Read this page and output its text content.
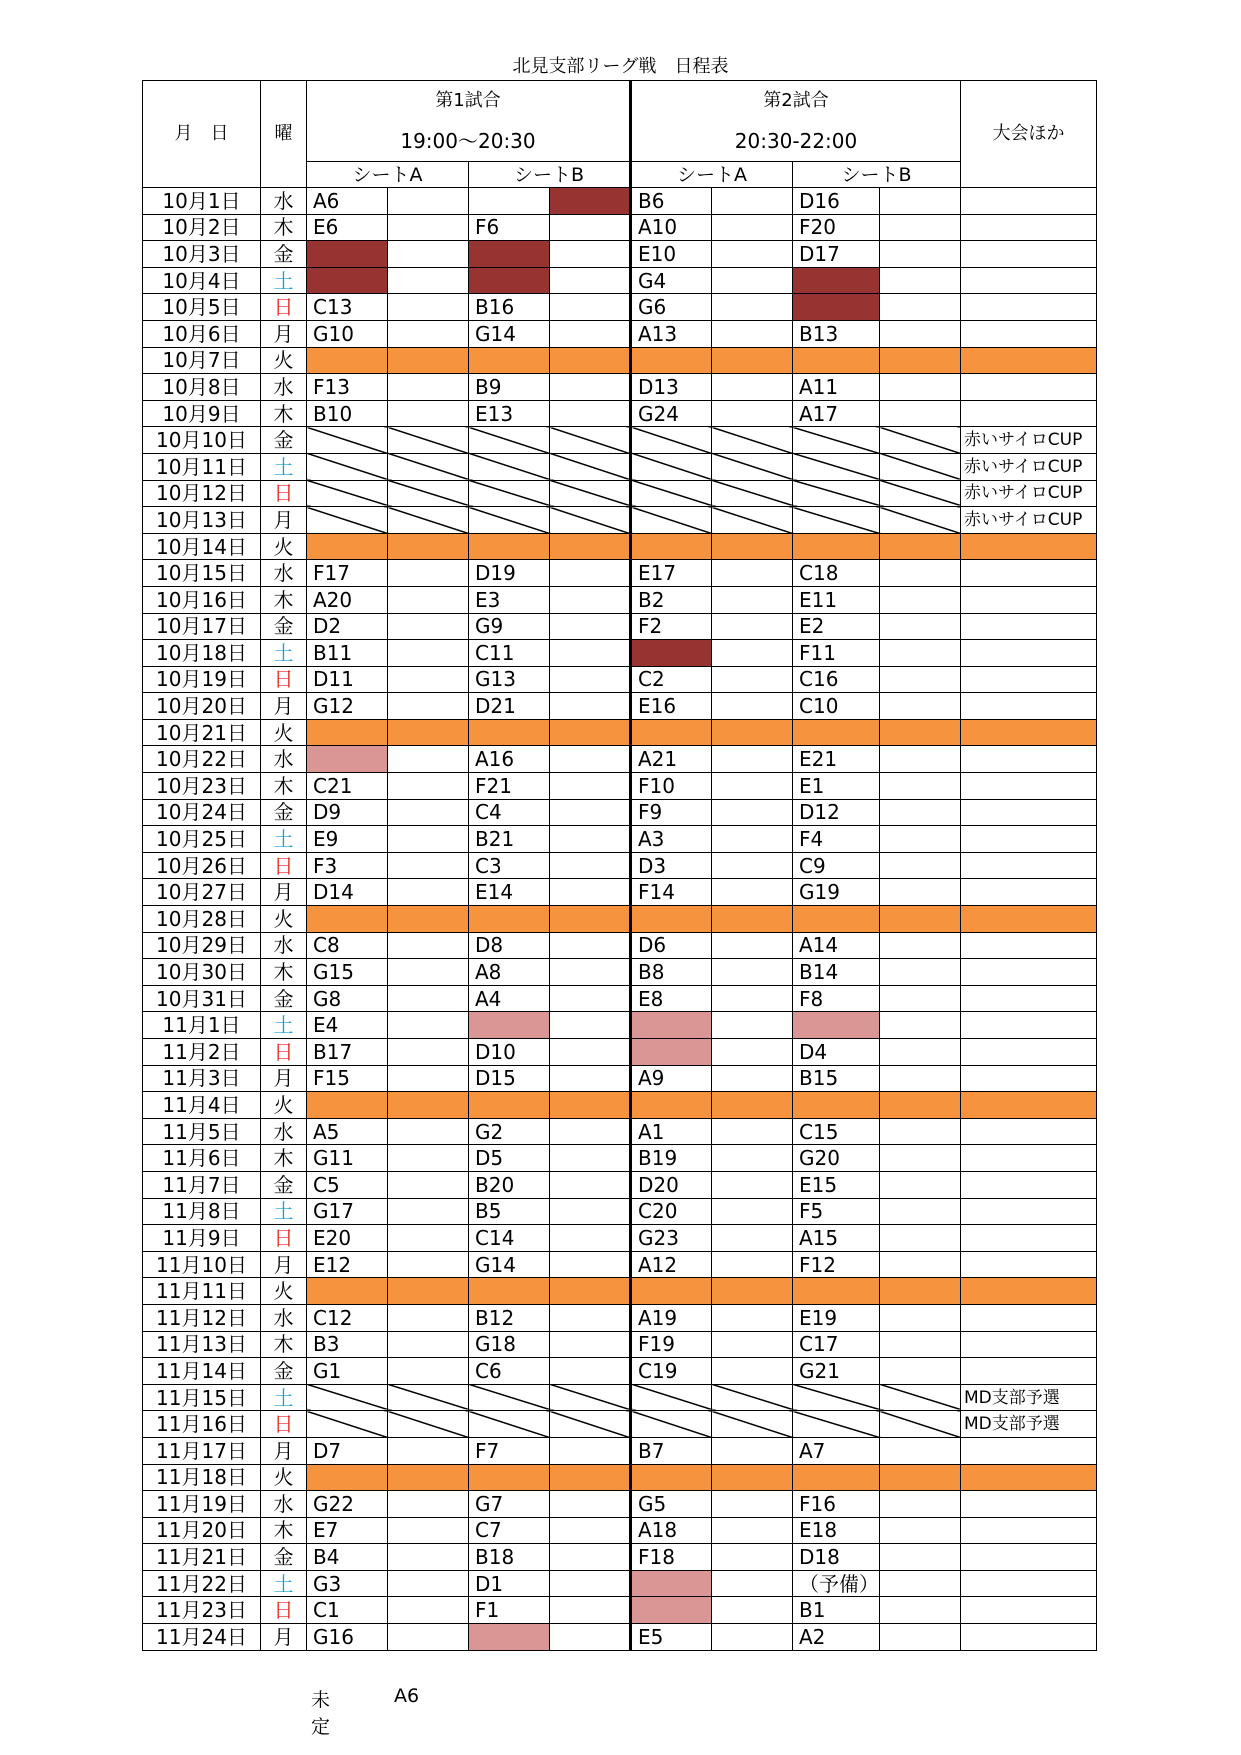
北見支部リーグ戦　日程表
月　日	曜	第1試合				第2試合				大会ほか
		19:00～20:30				20:30-22:00				
		シートA		シートB		シートA		シートB		
10月1日	水	A6				B6		D16		
10月2日	木	E6		F6		A10		F20		
10月3日	金					E10		D17		
10月4日	土					G4				
10月5日	日	C13		B16		G6				
10月6日	月	G10		G14		A13		B13		
10月7日	火									
10月8日	水	F13		B9		D13		A11		
10月9日	木	B10		E13		G24		A17		
10月10日	金									赤いサイロCUP
10月11日	土									赤いサイロCUP
10月12日	日									赤いサイロCUP
10月13日	月									赤いサイロCUP
10月14日	火									
10月15日	水	F17		D19		E17		C18		
10月16日	木	A20		E3		B2		E11		
10月17日	金	D2		G9		F2		E2		
10月18日	土	B11		C11				F11		
10月19日	日	D11		G13		C2		C16		
10月20日	月	G12		D21		E16		C10		
10月21日	火									
10月22日	水			A16		A21		E21		
10月23日	木	C21		F21		F10		E1		
10月24日	金	D9		C4		F9		D12		
10月25日	土	E9		B21		A3		F4		
10月26日	日	F3		C3		D3		C9		
10月27日	月	D14		E14		F14		G19		
10月28日	火									
10月29日	水	C8		D8		D6		A14		
10月30日	木	G15		A8		B8		B14		
10月31日	金	G8		A4		E8		F8		
11月1日	土	E4								
11月2日	日	B17		D10				D4		
11月3日	月	F15		D15		A9		B15		
11月4日	火									
11月5日	水	A5		G2		A1		C15		
11月6日	木	G11		D5		B19		G20		
11月7日	金	C5		B20		D20		E15		
11月8日	土	G17		B5		C20		F5		
11月9日	日	E20		C14		G23		A15		
11月10日	月	E12		G14		A12		F12		
11月11日	火									
11月12日	水	C12		B12		A19		E19		
11月13日	木	B3		G18		F19		C17		
11月14日	金	G1		C6		C19		G21		
11月15日	土									MD支部予選
11月16日	日									MD支部予選
11月17日	月	D7		F7		B7		A7		
11月18日	火									
11月19日	水	G22		G7		G5		F16		
11月20日	木	E7		C7		A18		E18		
11月21日	金	B4		B18		F18		D18		
11月22日	土	G3		D1				（予備）		
11月23日	日	C1		F1				B1		
11月24日	月	G16				E5		A2		
未定
A6
